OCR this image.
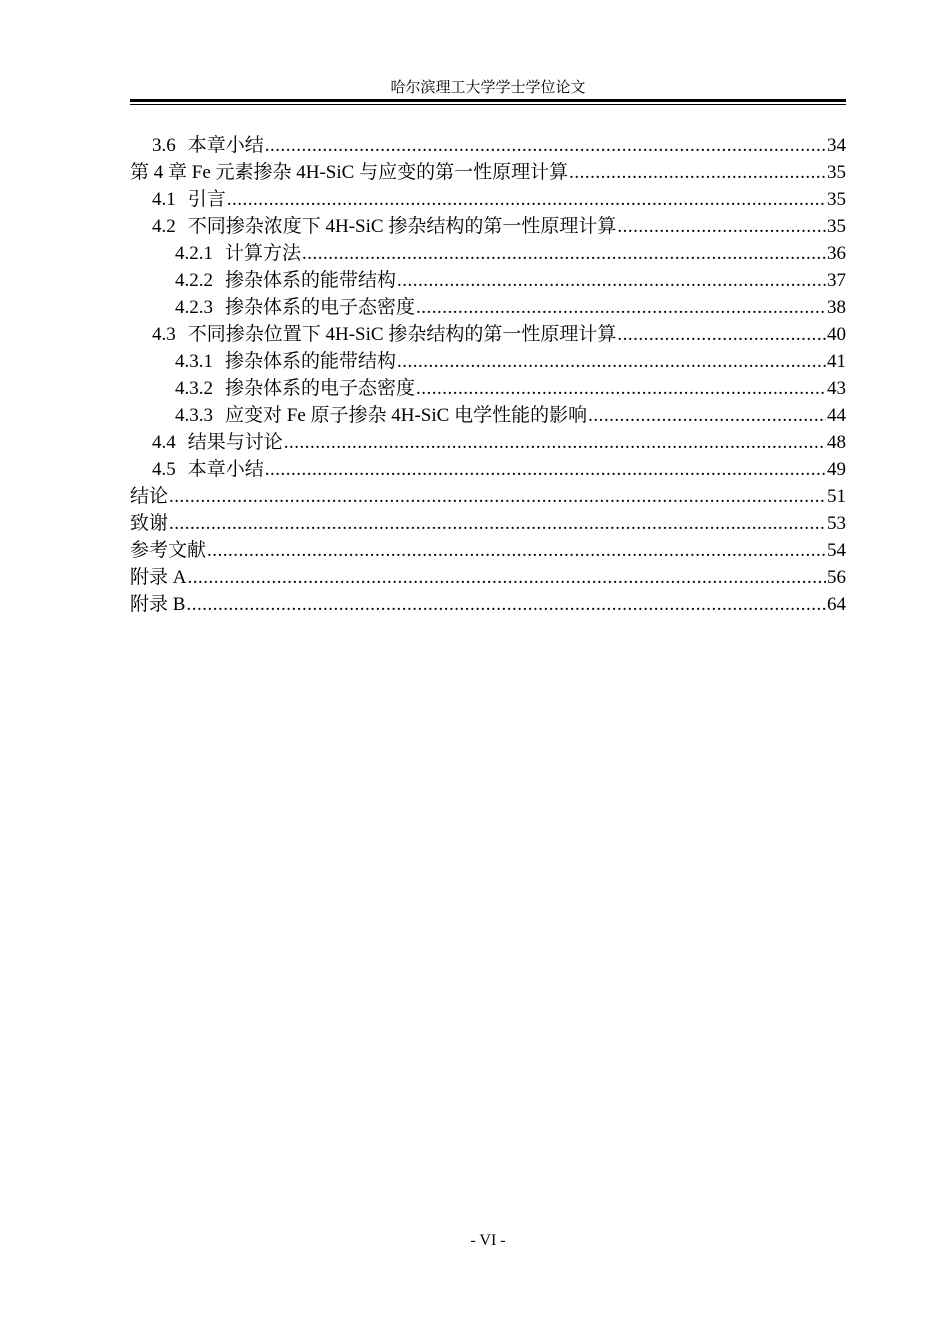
哈尔滨理工大学学士学位论文
3.6 本章小结 .....	34
第 4 章 Fe 元素掺杂 4H-SiC 与应变的第一性原理计算 .....	35
4.1 引言 .....	35
4.2 不同掺杂浓度下 4H-SiC 掺杂结构的第一性原理计算 .....	35
4.2.1 计算方法 .....	36
4.2.2 掺杂体系的能带结构 .....	37
4.2.3 掺杂体系的电子态密度 .....	38
4.3 不同掺杂位置下 4H-SiC 掺杂结构的第一性原理计算 .....	40
4.3.1 掺杂体系的能带结构 .....	41
4.3.2 掺杂体系的电子态密度 .....	43
4.3.3 应变对 Fe 原子掺杂 4H-SiC 电学性能的影响 .....	44
4.4 结果与讨论 .....	48
4.5 本章小结 .....	49
结论 .....	51
致谢 .....	53
参考文献 .....	54
附录 A .....	56
附录 B .....	64
- VI -
